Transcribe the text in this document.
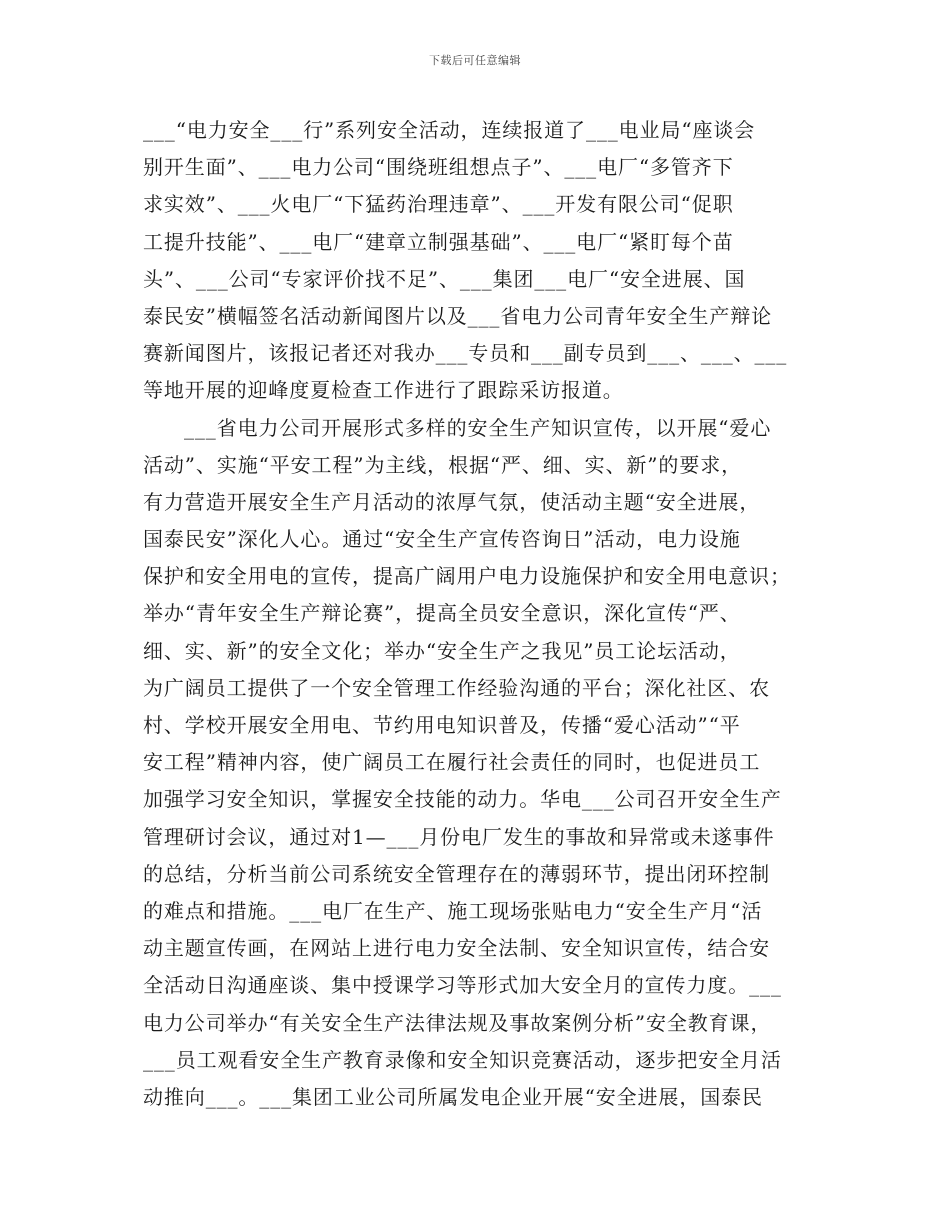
下载后可任意编辑
___“电力安全___行”系列安全活动，连续报道了___电业局“座谈会
别开生面”、___电力公司“围绕班组想点子”、___电厂“多管齐下
求实效”、___火电厂“下猛药治理违章”、___开发有限公司“促职
工提升技能”、___电厂“建章立制强基础”、___电厂“紧盯每个苗
头”、___公司“专家评价找不足”、___集团___电厂“安全进展、国
泰民安”横幅签名活动新闻图片以及___省电力公司青年安全生产辩论
赛新闻图片，该报记者还对我办___专员和___副专员到___、___、___
等地开展的迎峰度夏检查工作进行了跟踪采访报道。
___省电力公司开展形式多样的安全生产知识宣传，以开展“爱心
活动”、实施“平安工程”为主线，根据“严、细、实、新”的要求，
有力营造开展安全生产月活动的浓厚气氛，使活动主题“安全进展，
国泰民安”深化人心。通过“安全生产宣传咨询日”活动，电力设施
保护和安全用电的宣传，提高广阔用户电力设施保护和安全用电意识；
举办“青年安全生产辩论赛”，提高全员安全意识，深化宣传“严、
细、实、新”的安全文化；举办“安全生产之我见”员工论坛活动，
为广阔员工提供了一个安全管理工作经验沟通的平台；深化社区、农
村、学校开展安全用电、节约用电知识普及，传播“爱心活动”“平
安工程”精神内容，使广阔员工在履行社会责任的同时，也促进员工
加强学习安全知识，掌握安全技能的动力。华电___公司召开安全生产
管理研讨会议，通过对1—___月份电厂发生的事故和异常或未遂事件
的总结，分析当前公司系统安全管理存在的薄弱环节，提出闭环控制
的难点和措施。___电厂在生产、施工现场张贴电力“安全生产月“活
动主题宣传画，在网站上进行电力安全法制、安全知识宣传，结合安
全活动日沟通座谈、集中授课学习等形式加大安全月的宣传力度。___
电力公司举办“有关安全生产法律法规及事故案例分析”安全教育课，
___员工观看安全生产教育录像和安全知识竞赛活动，逐步把安全月活
动推向___。___集团工业公司所属发电企业开展“安全进展，国泰民
